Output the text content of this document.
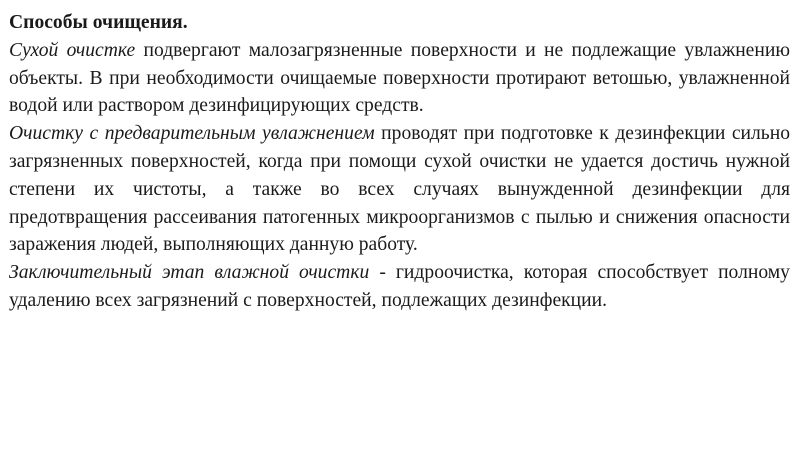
Способы очищения.

Сухой очистке подвергают малозагрязненные поверхности и не подлежащие увлажнению объекты. В при необходимости очищаемые поверхности протирают ветошью, увлажненной водой или раствором дезинфицирующих средств.

Очистку с предварительным увлажнением проводят при подготовке к дезинфекции сильно загрязненных поверхностей, когда при помощи сухой очистки не удается достичь нужной степени их чистоты, а также во всех случаях вынужденной дезинфекции для предотвращения рассеивания патогенных микроорганизмов с пылью и снижения опасности заражения людей, выполняющих данную работу.

Заключительный этап влажной очистки - гидроочистка, которая способствует полному удалению всех загрязнений с поверхностей, подлежащих дезинфекции.
